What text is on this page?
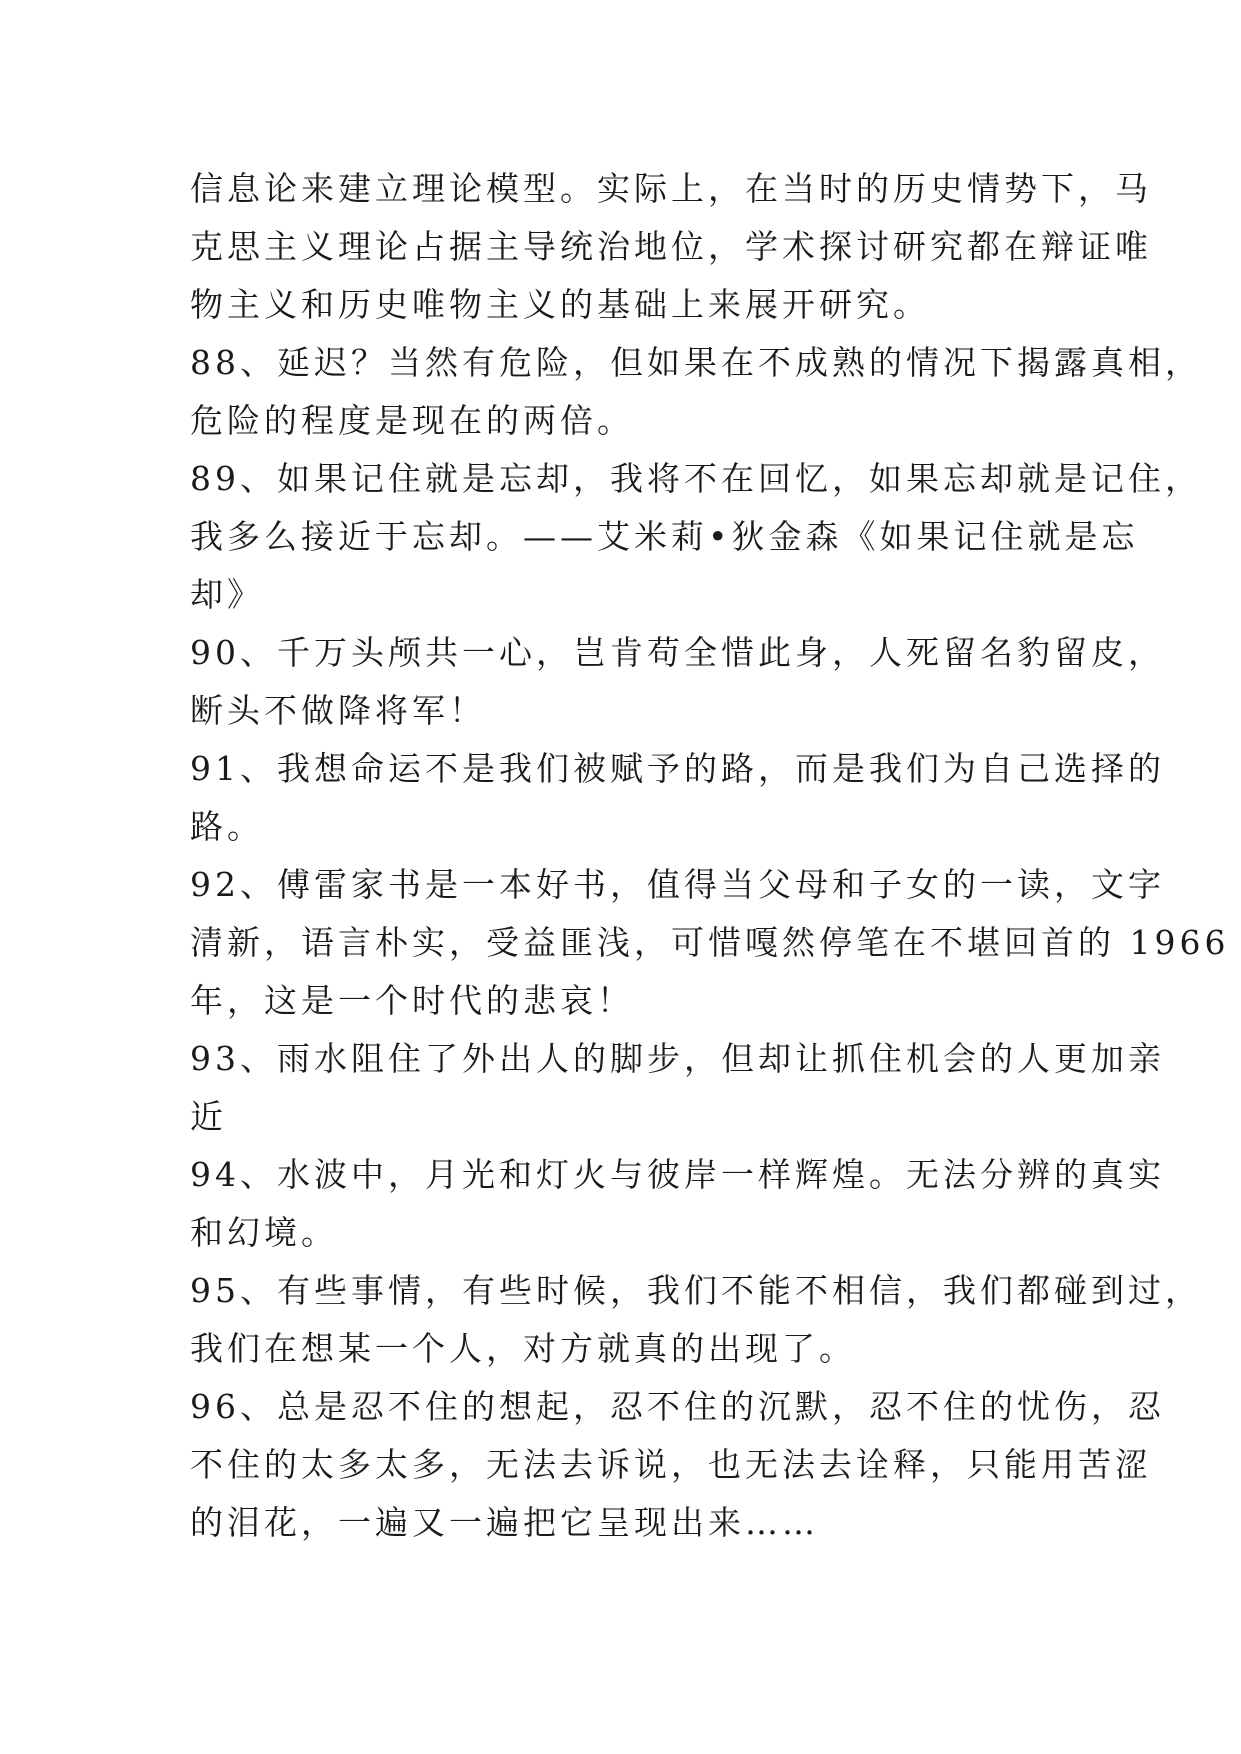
信息论来建立理论模型。实际上，在当时的历史情势下，马
克思主义理论占据主导统治地位，学术探讨研究都在辩证唯
物主义和历史唯物主义的基础上来展开研究。
88、延迟？当然有危险，但如果在不成熟的情况下揭露真相，
危险的程度是现在的两倍。
89、如果记住就是忘却，我将不在回忆，如果忘却就是记住，
我多么接近于忘却。——艾米莉•狄金森《如果记住就是忘
却》
90、千万头颅共一心，岂肯苟全惜此身，人死留名豹留皮，
断头不做降将军！
91、我想命运不是我们被赋予的路，而是我们为自己选择的
路。
92、傅雷家书是一本好书，值得当父母和子女的一读，文字
清新，语言朴实，受益匪浅，可惜嘎然停笔在不堪回首的 1966
年，这是一个时代的悲哀！
93、雨水阻住了外出人的脚步，但却让抓住机会的人更加亲
近
94、水波中，月光和灯火与彼岸一样辉煌。无法分辨的真实
和幻境。
95、有些事情，有些时候，我们不能不相信，我们都碰到过，
我们在想某一个人，对方就真的出现了。
96、总是忍不住的想起，忍不住的沉默，忍不住的忧伤，忍
不住的太多太多，无法去诉说，也无法去诠释，只能用苦涩
的泪花，一遍又一遍把它呈现出来……
